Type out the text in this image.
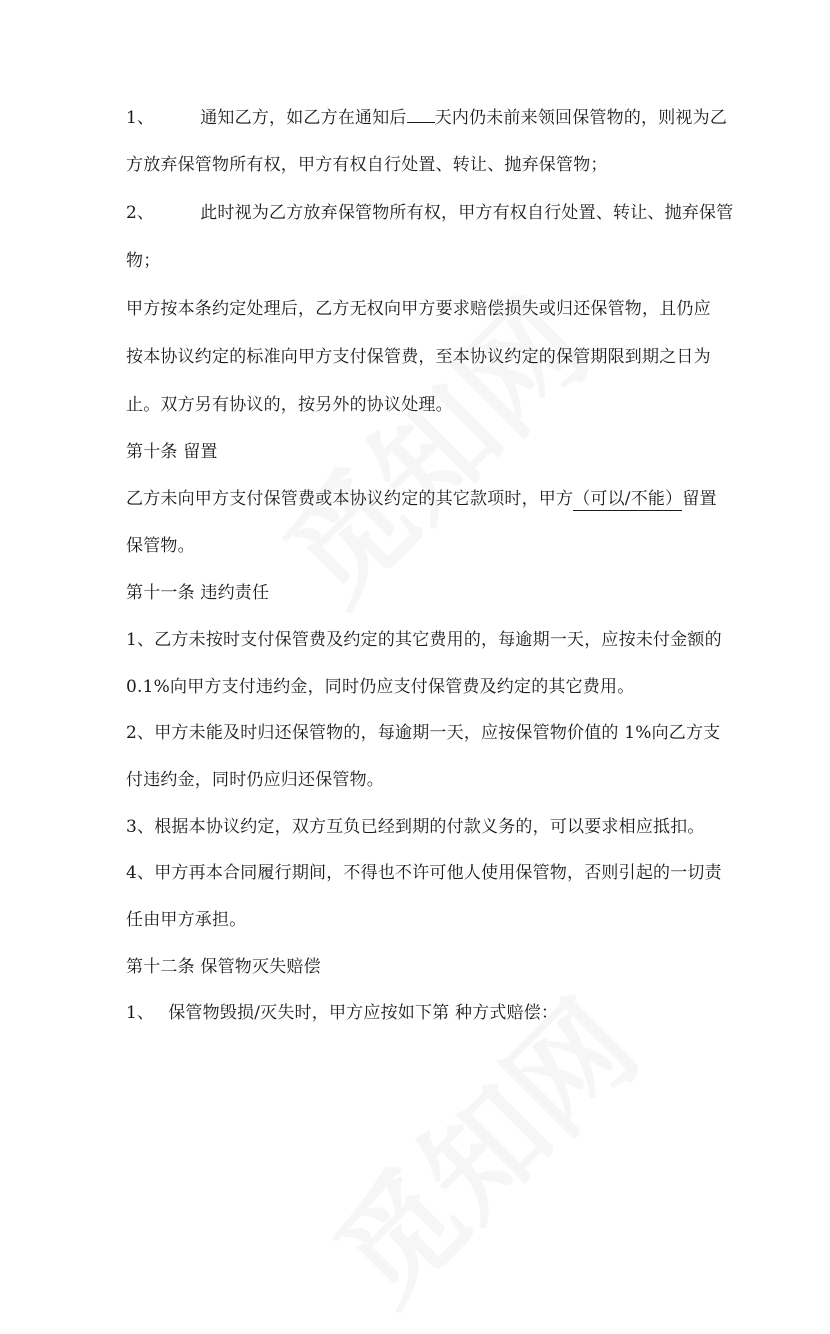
1、	通知乙方，如乙方在通知后 天内仍未前来领回保管物的，则视为乙
方放弃保管物所有权，甲方有权自行处置、转让、抛弃保管物；
2、	此时视为乙方放弃保管物所有权，甲方有权自行处置、转让、抛弃保管
物；
甲方按本条约定处理后，乙方无权向甲方要求赔偿损失或归还保管物，且仍应
按本协议约定的标准向甲方支付保管费，至本协议约定的保管期限到期之日为
止。双方另有协议的，按另外的协议处理。
第十条 留置
乙方未向甲方支付保管费或本协议约定的其它款项时，甲方（可以/不能）留置
保管物。
第十一条 违约责任
1、乙方未按时支付保管费及约定的其它费用的，每逾期一天，应按未付金额的
0.1%向甲方支付违约金，同时仍应支付保管费及约定的其它费用。
2、甲方未能及时归还保管物的，每逾期一天，应按保管物价值的 1%向乙方支
付违约金，同时仍应归还保管物。
3、根据本协议约定，双方互负已经到期的付款义务的，可以要求相应抵扣。
4、甲方再本合同履行期间，不得也不许可他人使用保管物，否则引起的一切责
任由甲方承担。
第十二条 保管物灭失赔偿
1、 保管物毁损/灭失时，甲方应按如下第 种方式赔偿：
